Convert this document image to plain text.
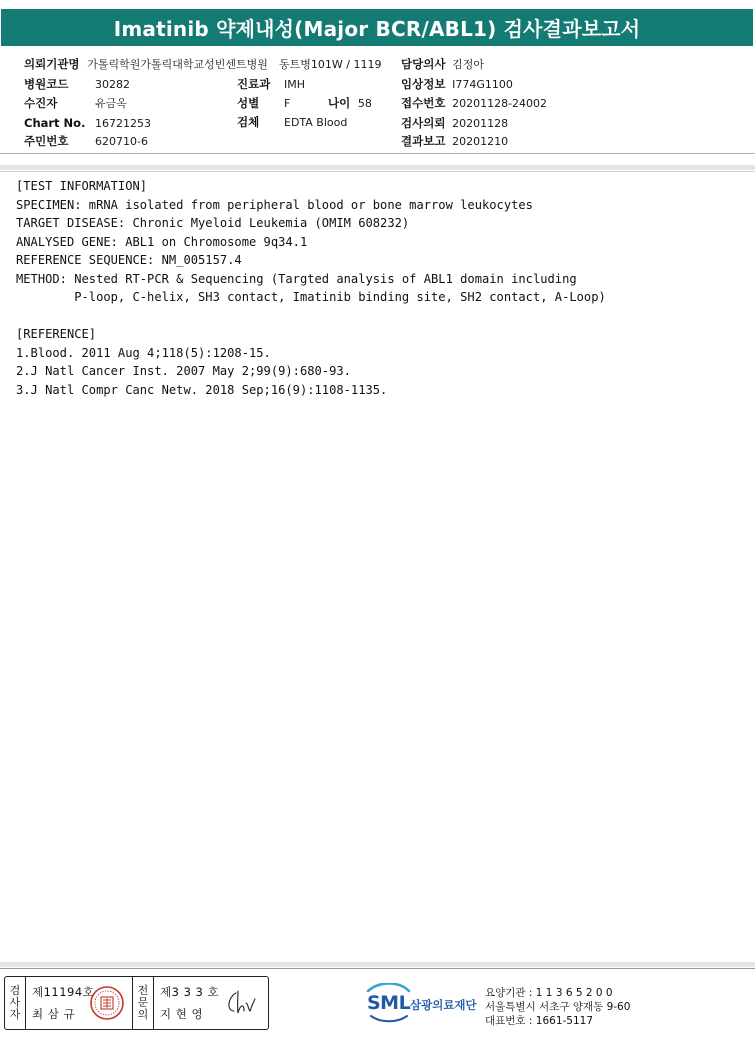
Imatinib 약제내성(Major BCR/ABL1) 검사결과보고서
의뢰기관명 가톨릭학원가톨릭대학교성빈센트병원 동트병101W / 1119
병원코드 30282
수진자	유금옥
Chart No. 16721253
주민번호 620710-6
진료과 IMH
성별 F	나이 58
검체 EDTA Blood
담당의사 김정아
임상정보 I774G1100
접수번호 20201128-24002
검사의뢰 20201128
결과보고 20201210
[TEST INFORMATION]
SPECIMEN: mRNA isolated from peripheral blood or bone marrow leukocytes
TARGET DISEASE: Chronic Myeloid Leukemia (OMIM 608232)
ANALYSED GENE: ABL1 on Chromosome 9q34.1
REFERENCE SEQUENCE: NM_005157.4
METHOD: Nested RT-PCR & Sequencing (Targted analysis of ABL1 domain including
P-loop, C-helix, SH3 contact, Imatinib binding site, SH2 contact, A-Loop)
[REFERENCE]
1.Blood. 2011 Aug 4;118(5):1208-15.
2.J Natl Cancer Inst. 2007 May 2;99(9):680-93.
3.J Natl Compr Canc Netw. 2018 Sep;16(9):1108-1135.
검
사
자
제11194호
최 삼 규
전
문
의
제3 3 3 호
지 현 영	SML 삼광의료재단
요양기관 : 1 1 3 6 5 2 0 0
서울특별시 서초구 양재동 9-60
대표번호 : 1661-5117
